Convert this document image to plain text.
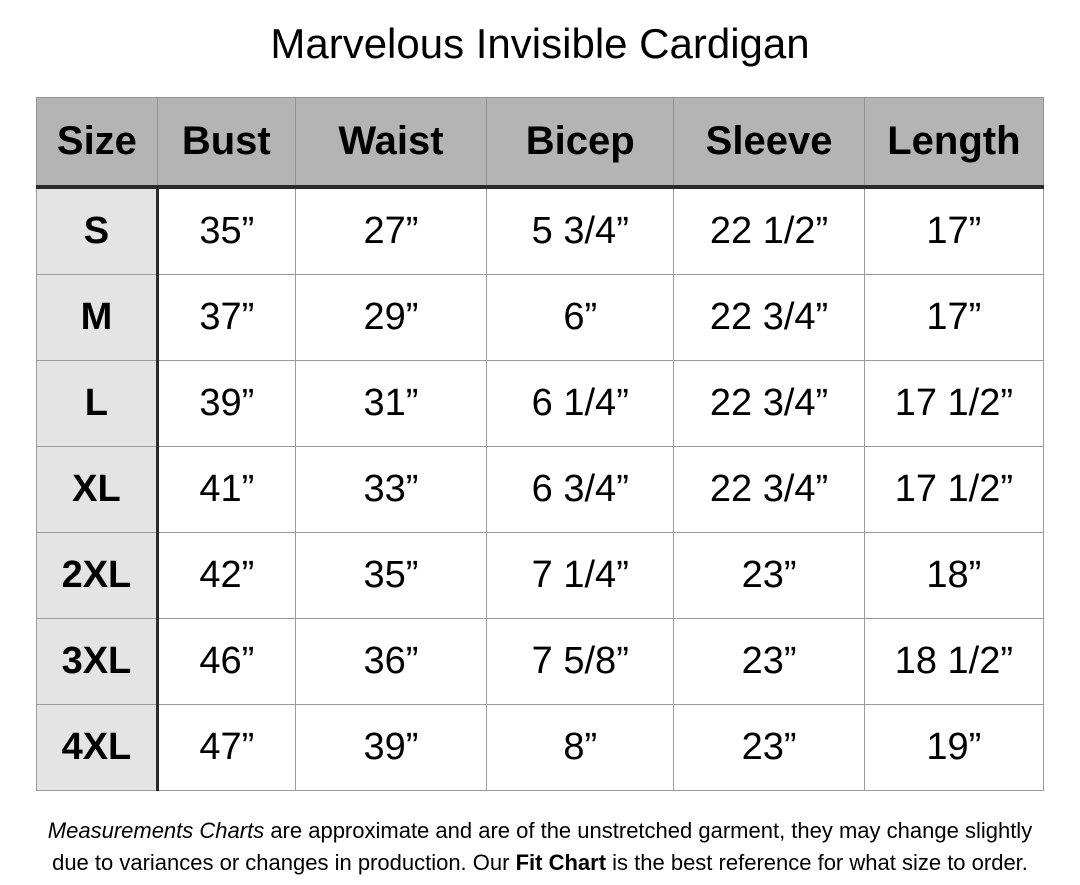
Marvelous Invisible Cardigan
Size	Bust	Waist	Bicep	Sleeve	Length
S	35”	27”	5 3/4”	22 1/2”	17”
M	37”	29”	6”	22 3/4”	17”
L	39”	31”	6 1/4”	22 3/4”	17 1/2”
XL	41”	33”	6 3/4”	22 3/4”	17 1/2”
2XL	42”	35”	7 1/4”	23”	18”
3XL	46”	36”	7 5/8”	23”	18 1/2”
4XL	47”	39”	8”	23”	19”
Measurements Charts are approximate and are of the unstretched garment, they may change slightly
due to variances or changes in production. Our Fit Chart is the best reference for what size to order.
